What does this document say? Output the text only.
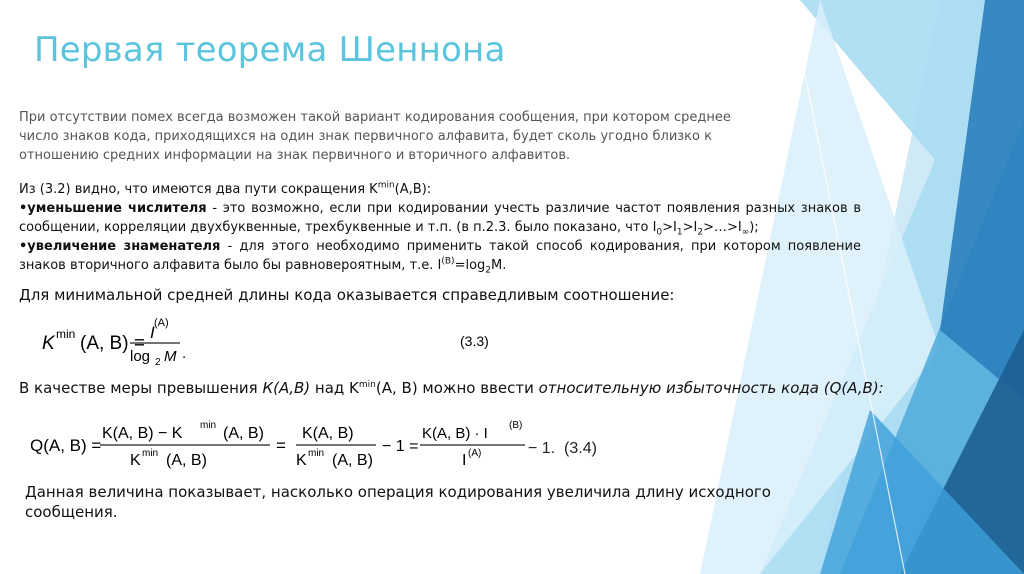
Первая теорема Шеннона
При отсутствии помех всегда возможен такой вариант кодирования сообщения, при котором среднее число знаков кода, приходящихся на один знак первичного алфавита, будет сколь угодно близко к отношению средних информации на знак первичного и вторичного алфавитов.
Из (3.2) видно, что имеются два пути сокращения $K^{min}(A,B)$:
•уменьшение числителя - это возможно, если при кодировании учесть различие частот появления разных знаков в сообщении, корреляции двухбуквенные, трехбуквенные и т.п. (в п.2.3. было показано, что $I_0>I_1>I_2>\dots>I_\infty$);
•увеличение знаменателя - для этого необходимо применить такой способ кодирования, при котором появление знаков вторичного алфавита было бы равновероятным, т.е. $I^{(B)}=\log_2M$.
Для минимальной средней длины кода оказывается справедливым соотношение:
K min (A, B) =
I (A)
log 2 M .
(3.3)
В качестве меры превышения К(А,В) над $K^{min}(A$, B) можно ввести относительную избыточность кода (Q(A,B):
Q(A, B) =
K(A, B) − K min (A, B)
K min (A, B)
=
K(A, B)
K min (A, B)
− 1 =
K(A, B) · I (B)
I (A)	− 1. (3.4)
Данная величина показывает, насколько операция кодирования увеличила длину исходного сообщения.
